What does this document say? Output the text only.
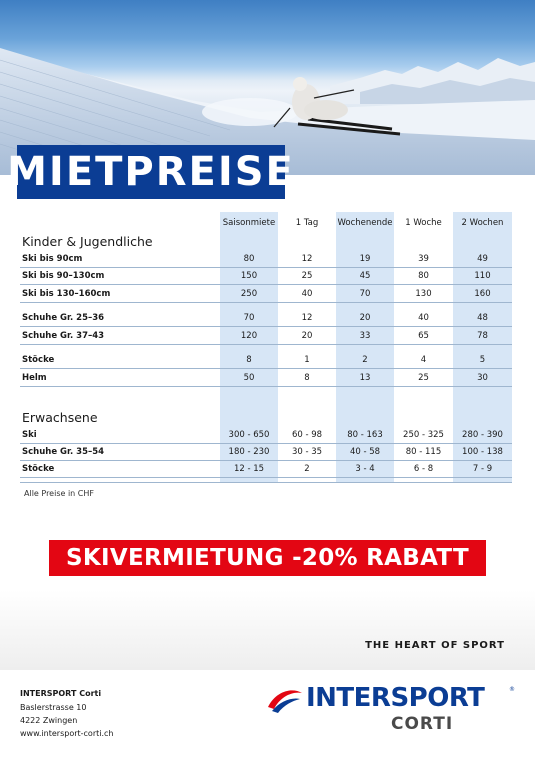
MIETPREISE
Saisonmiete	1 Tag	Wochenende	1 Woche	2 Wochen
Kinder & Jugendliche
Erwachsene
Ski bis 90cm	80	12	19	39	49
Ski bis 90–130cm	150	25	45	80	110
Ski bis 130–160cm	250	40	70	130	160
Schuhe Gr. 25–36	70	12	20	40	48
Schuhe Gr. 37–43	120	20	33	65	78
Stöcke	8	1	2	4	5
Helm	50	8	13	25	30
Ski	300 - 650	60 - 98	80 - 163	250 - 325	280 - 390
Schuhe Gr. 35–54	180 - 230	30 - 35	40 - 58	80 - 115	100 - 138
Stöcke	12 - 15	2	3 - 4	6 - 8	7 - 9
Alle Preise in CHF
SKIVERMIETUNG -20% RABATT
THE HEART OF SPORT
INTERSPORT Corti
Baslerstrasse 10
4222 Zwingen
www.intersport-corti.ch
INTERSPORT	®
CORTI
